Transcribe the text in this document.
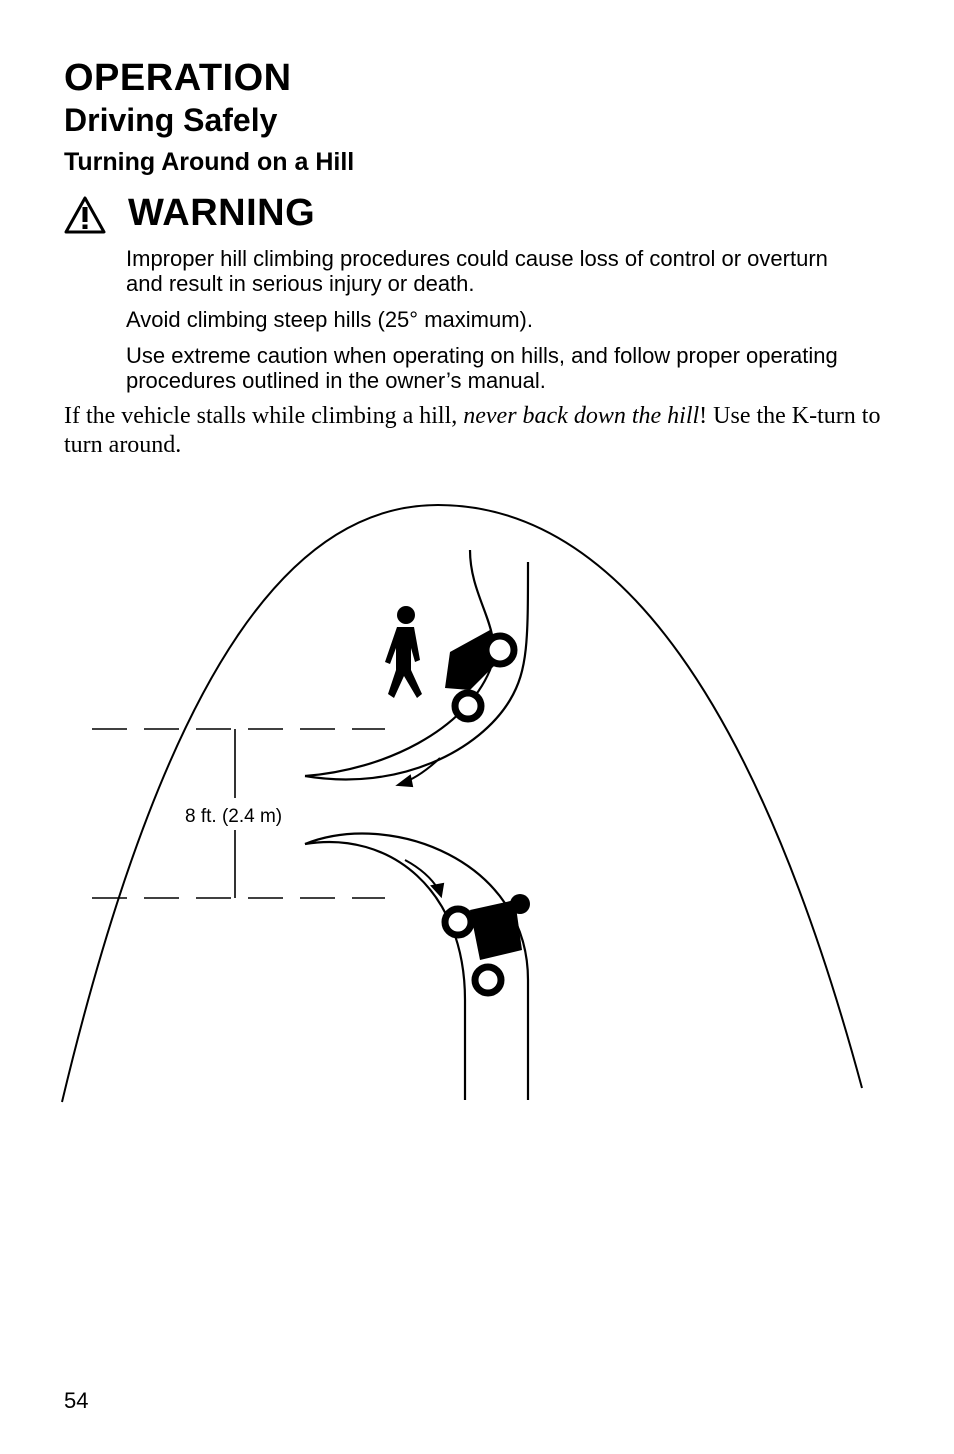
OPERATION
Driving Safely
Turning Around on a Hill
WARNING
Improper hill climbing procedures could cause loss of control or overturn and result in serious injury or death.
Avoid climbing steep hills (25° maximum).
Use extreme caution when operating on hills, and follow proper operating procedures outlined in the owner’s manual.
If the vehicle stalls while climbing a hill, never back down the hill! Use the K-turn to turn around.
8 ft. (2.4 m)
54
